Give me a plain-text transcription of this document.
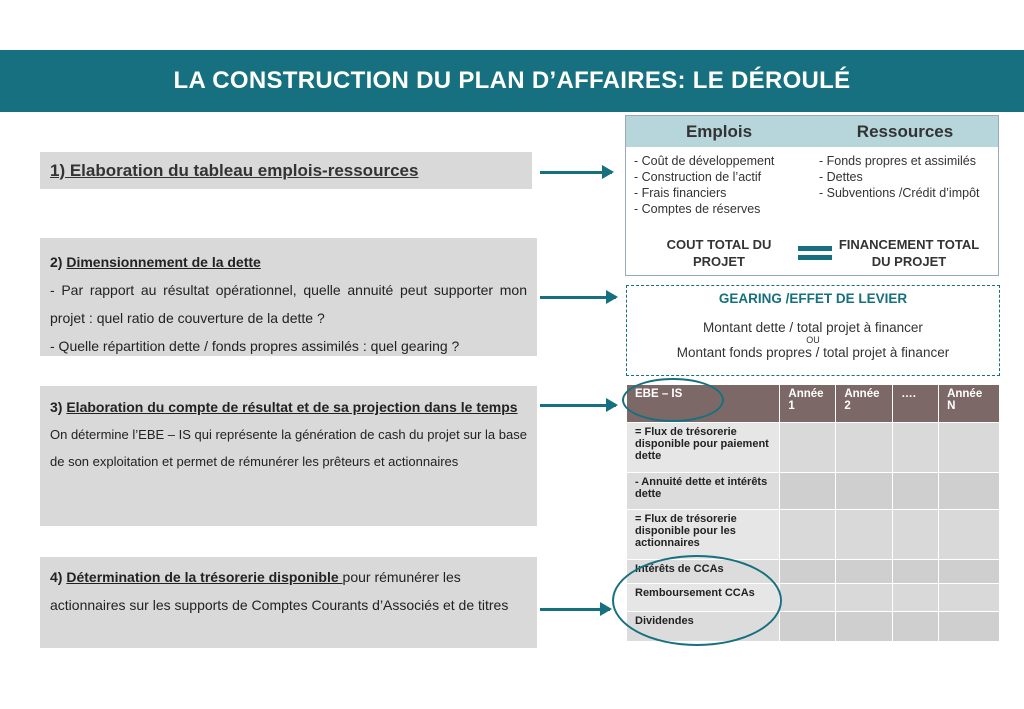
LA CONSTRUCTION DU PLAN D’AFFAIRES: LE DÉROULÉ
1) Elaboration du tableau emplois-ressources
2) Dimensionnement de la dette
- Par rapport au résultat opérationnel, quelle annuité peut supporter mon projet : quel ratio de couverture de la dette ?
- Quelle répartition dette / fonds propres assimilés : quel gearing ?
3) Elaboration du compte de résultat et de sa projection dans le temps
On détermine l’EBE – IS qui représente la génération de cash du projet sur la base de son exploitation et permet de rémunérer les prêteurs et actionnaires
4) Détermination de la trésorerie disponible pour rémunérer les actionnaires sur les supports de Comptes Courants d’Associés et de titres
Emplois	Ressources
- Coût de développement
- Construction de l’actif
- Frais financiers
- Comptes de réserves
- Fonds propres et assimilés
- Dettes
- Subventions /Crédit d’impôt
COUT TOTAL DU PROJET
FINANCEMENT TOTAL DU PROJET
GEARING /EFFET DE LEVIER
Montant dette / total projet à financer
OU
Montant fonds propres / total projet à financer
EBE – IS	Année 1	Année 2	….	Année N
= Flux de trésorerie disponible pour paiement dette				
- Annuité dette et intérêts dette				
= Flux de trésorerie disponible pour les actionnaires				
Intérêts de CCAs				
Remboursement CCAs				
Dividendes				
